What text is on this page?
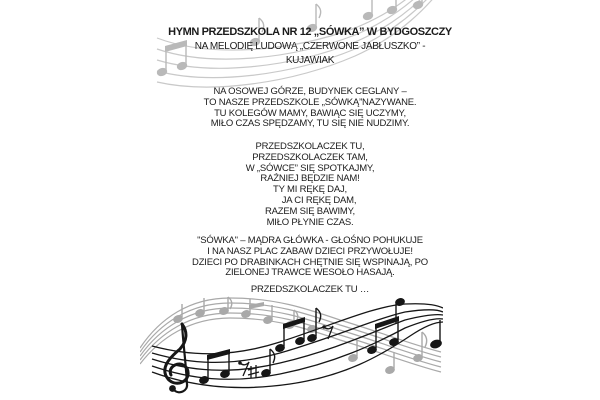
HYMN PRZEDSZKOLA NR 12 „SÓWKA” W BYDGOSZCZY
NA MELODIĘ LUDOWĄ „CZERWONE JABŁUSZKO” -
KUJAWIAK
NA OSOWEJ GÓRZE, BUDYNEK CEGLANY –
TO NASZE PRZEDSZKOLE „SÓWKĄ”NAZYWANE.
TU KOLEGÓW MAMY, BAWIĄC SIĘ UCZYMY,
MIŁO CZAS SPĘDZAMY, TU SIĘ NIE NUDZIMY.
PRZEDSZKOLACZEK TU,
PRZEDSZKOLACZEK TAM,
W „SÓWCE” SIĘ SPOTKAJMY,
RAŹNIEJ BĘDZIE NAM!
TY MI RĘKĘ DAJ,
JA CI RĘKĘ DAM,
RAZEM SIĘ BAWIMY,
MIŁO PŁYNIE CZAS.
"SÓWKA" – MĄDRA GŁÓWKA - GŁOŚNO POHUKUJE
I NA NASZ PLAC ZABAW DZIECI PRZYWOŁUJE!
DZIECI PO DRABINKACH CHĘTNIE SIĘ WSPINAJĄ, PO
ZIELONEJ TRAWCE WESOŁO HASAJĄ.
PRZEDSZKOLACZEK TU …
